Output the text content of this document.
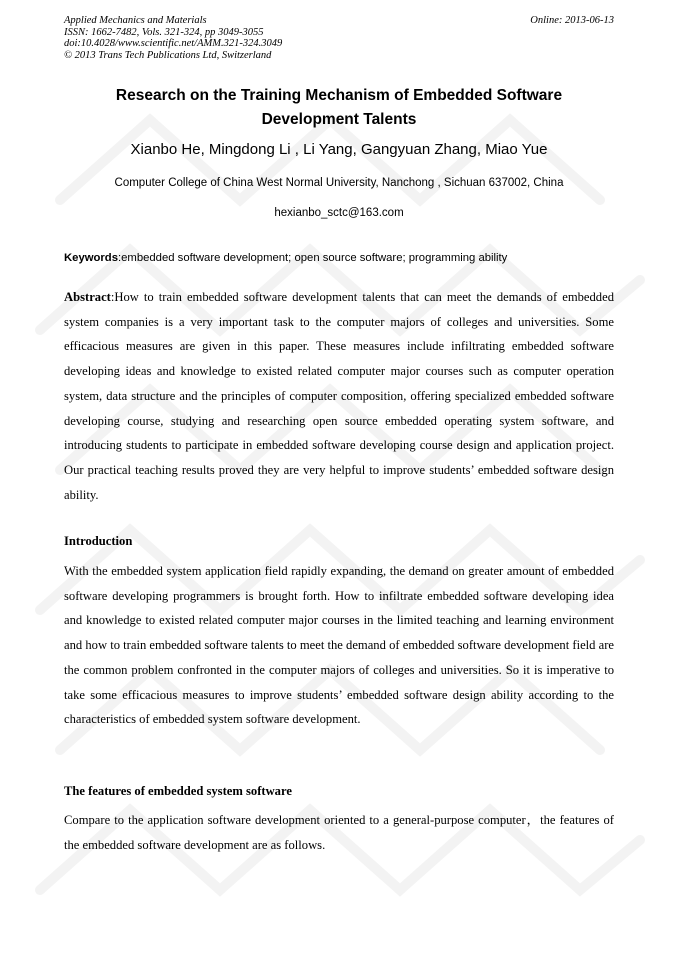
Applied Mechanics and Materials
ISSN: 1662-7482, Vols. 321-324, pp 3049-3055
doi:10.4028/www.scientific.net/AMM.321-324.3049
© 2013 Trans Tech Publications Ltd, Switzerland
Online: 2013-06-13
Research on the Training Mechanism of Embedded Software
Development Talents
Xianbo He, Mingdong Li , Li Yang, Gangyuan Zhang, Miao Yue
Computer College of China West Normal University, Nanchong , Sichuan 637002, China
hexianbo_sctc@163.com
Keywords:embedded software development; open source software; programming ability

Abstract:How to train embedded software development talents that can meet the demands of embedded system companies is a very important task to the computer majors of colleges and universities. Some efficacious measures are given in this paper. These measures include infiltrating embedded software developing ideas and knowledge to existed related computer major courses such as computer operation system, data structure and the principles of computer composition, offering specialized embedded software developing course, studying and researching open source embedded operating system software, and introducing students to participate in embedded software developing course design and application project. Our practical teaching results proved they are very helpful to improve students’ embedded software design ability.

Introduction

With the embedded system application field rapidly expanding, the demand on greater amount of embedded software developing programmers is brought forth. How to infiltrate embedded software developing idea and knowledge to existed related computer major courses in the limited teaching and learning environment and how to train embedded software talents to meet the demand of embedded software development field are the common problem confronted in the computer majors of colleges and universities. So it is imperative to take some efficacious measures to improve students’ embedded software design ability according to the characteristics of embedded system software development.

The features of embedded system software

Compare to the application software development oriented to a general-purpose computer，the features of the embedded software development are as follows.
